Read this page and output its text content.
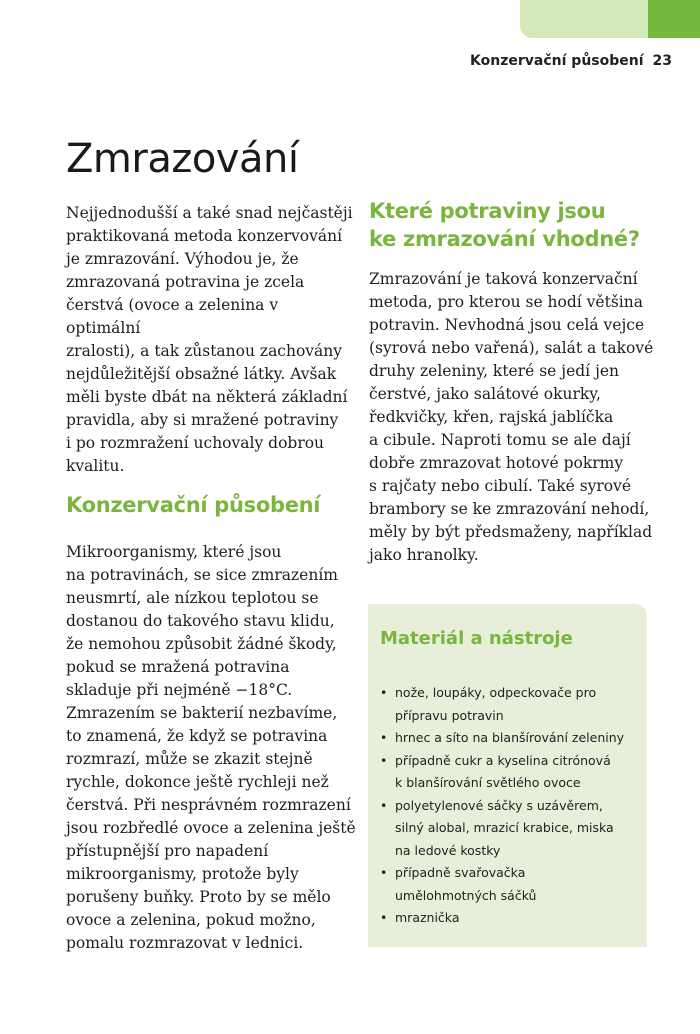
Konzervační působení 23
Zmrazování

Nejjednodušší a také snad nejčastěji
praktikovaná metoda konzervování
je zmrazování. Výhodou je, že
zmrazovaná potravina je zcela
čerstvá (ovoce a zelenina v optimální
zralosti), a tak zůstanou zachovány
nejdůležitější obsažné látky. Avšak
měli byste dbát na některá základní
pravidla, aby si mražené potraviny
i po rozmražení uchovaly dobrou
kvalitu.

Konzervační působení

Mikroorganismy, které jsou
na potravinách, se sice zmrazením
neusmrtí, ale nízkou teplotou se
dostanou do takového stavu klidu,
že nemohou způsobit žádné škody,
pokud se mražená potravina
skladuje při nejméně −18°C.
Zmrazením se bakterií nezbavíme,
to znamená, že když se potravina
rozmrazí, může se zkazit stejně
rychle, dokonce ještě rychleji než
čerstvá. Při nesprávném rozmrazení
jsou rozbředlé ovoce a zelenina ještě
přístupnější pro napadení
mikroorganismy, protože byly
porušeny buňky. Proto by se mělo
ovoce a zelenina, pokud možno,
pomalu rozmrazovat v lednici.

Které potraviny jsou
ke zmrazování vhodné?

Zmrazování je taková konzervační
metoda, pro kterou se hodí většina
potravin. Nevhodná jsou celá vejce
(syrová nebo vařená), salát a takové
druhy zeleniny, které se jedí jen
čerstvé, jako salátové okurky,
ředkvičky, křen, rajská jablíčka
a cibule. Naproti tomu se ale dají
dobře zmrazovat hotové pokrmy
s rajčaty nebo cibulí. Také syrové
brambory se ke zmrazování nehodí,
měly by být předsmaženy, například
jako hranolky.

Materiál a nástroje
• nože, loupáky, odpeckovače pro
přípravu potravin
• hrnec a síto na blanšírování zeleniny
• případně cukr a kyselina citrónová
k blanšírování světlého ovoce
• polyetylenové sáčky s uzávěrem,
silný alobal, mrazicí krabice, miska
na ledové kostky
• případně svařovačka
umělohmotných sáčků
• mraznička
